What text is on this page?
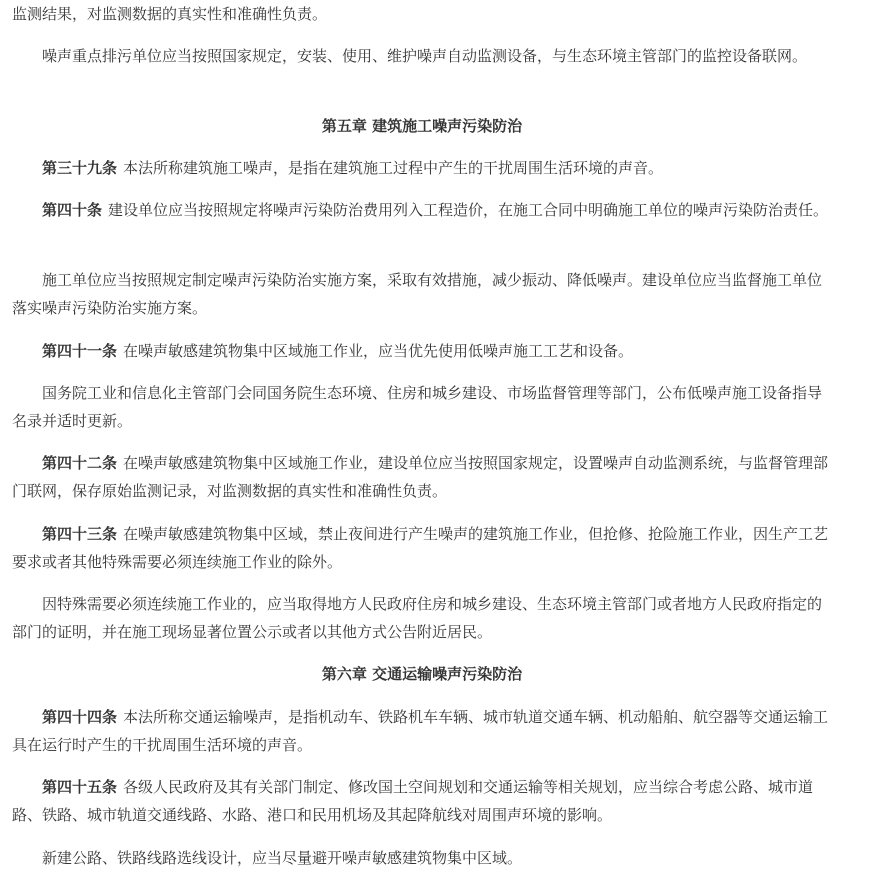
监测结果，对监测数据的真实性和准确性负责。

噪声重点排污单位应当按照国家规定，安装、使用、维护噪声自动监测设备，与生态环境主管部门的监控设备联网。

第五章 建筑施工噪声污染防治

第三十九条 本法所称建筑施工噪声，是指在建筑施工过程中产生的干扰周围生活环境的声音。

第四十条 建设单位应当按照规定将噪声污染防治费用列入工程造价，在施工合同中明确施工单位的噪声污染防治责任。

施工单位应当按照规定制定噪声污染防治实施方案，采取有效措施，减少振动、降低噪声。建设单位应当监督施工单位落实噪声污染防治实施方案。

第四十一条 在噪声敏感建筑物集中区域施工作业，应当优先使用低噪声施工工艺和设备。

国务院工业和信息化主管部门会同国务院生态环境、住房和城乡建设、市场监督管理等部门，公布低噪声施工设备指导名录并适时更新。

第四十二条 在噪声敏感建筑物集中区域施工作业，建设单位应当按照国家规定，设置噪声自动监测系统，与监督管理部门联网，保存原始监测记录，对监测数据的真实性和准确性负责。

第四十三条 在噪声敏感建筑物集中区域，禁止夜间进行产生噪声的建筑施工作业，但抢修、抢险施工作业，因生产工艺要求或者其他特殊需要必须连续施工作业的除外。

因特殊需要必须连续施工作业的，应当取得地方人民政府住房和城乡建设、生态环境主管部门或者地方人民政府指定的部门的证明，并在施工现场显著位置公示或者以其他方式公告附近居民。

第六章 交通运输噪声污染防治

第四十四条 本法所称交通运输噪声，是指机动车、铁路机车车辆、城市轨道交通车辆、机动船舶、航空器等交通运输工具在运行时产生的干扰周围生活环境的声音。

第四十五条 各级人民政府及其有关部门制定、修改国土空间规划和交通运输等相关规划，应当综合考虑公路、城市道路、铁路、城市轨道交通线路、水路、港口和民用机场及其起降航线对周围声环境的影响。

新建公路、铁路线路选线设计，应当尽量避开噪声敏感建筑物集中区域。
